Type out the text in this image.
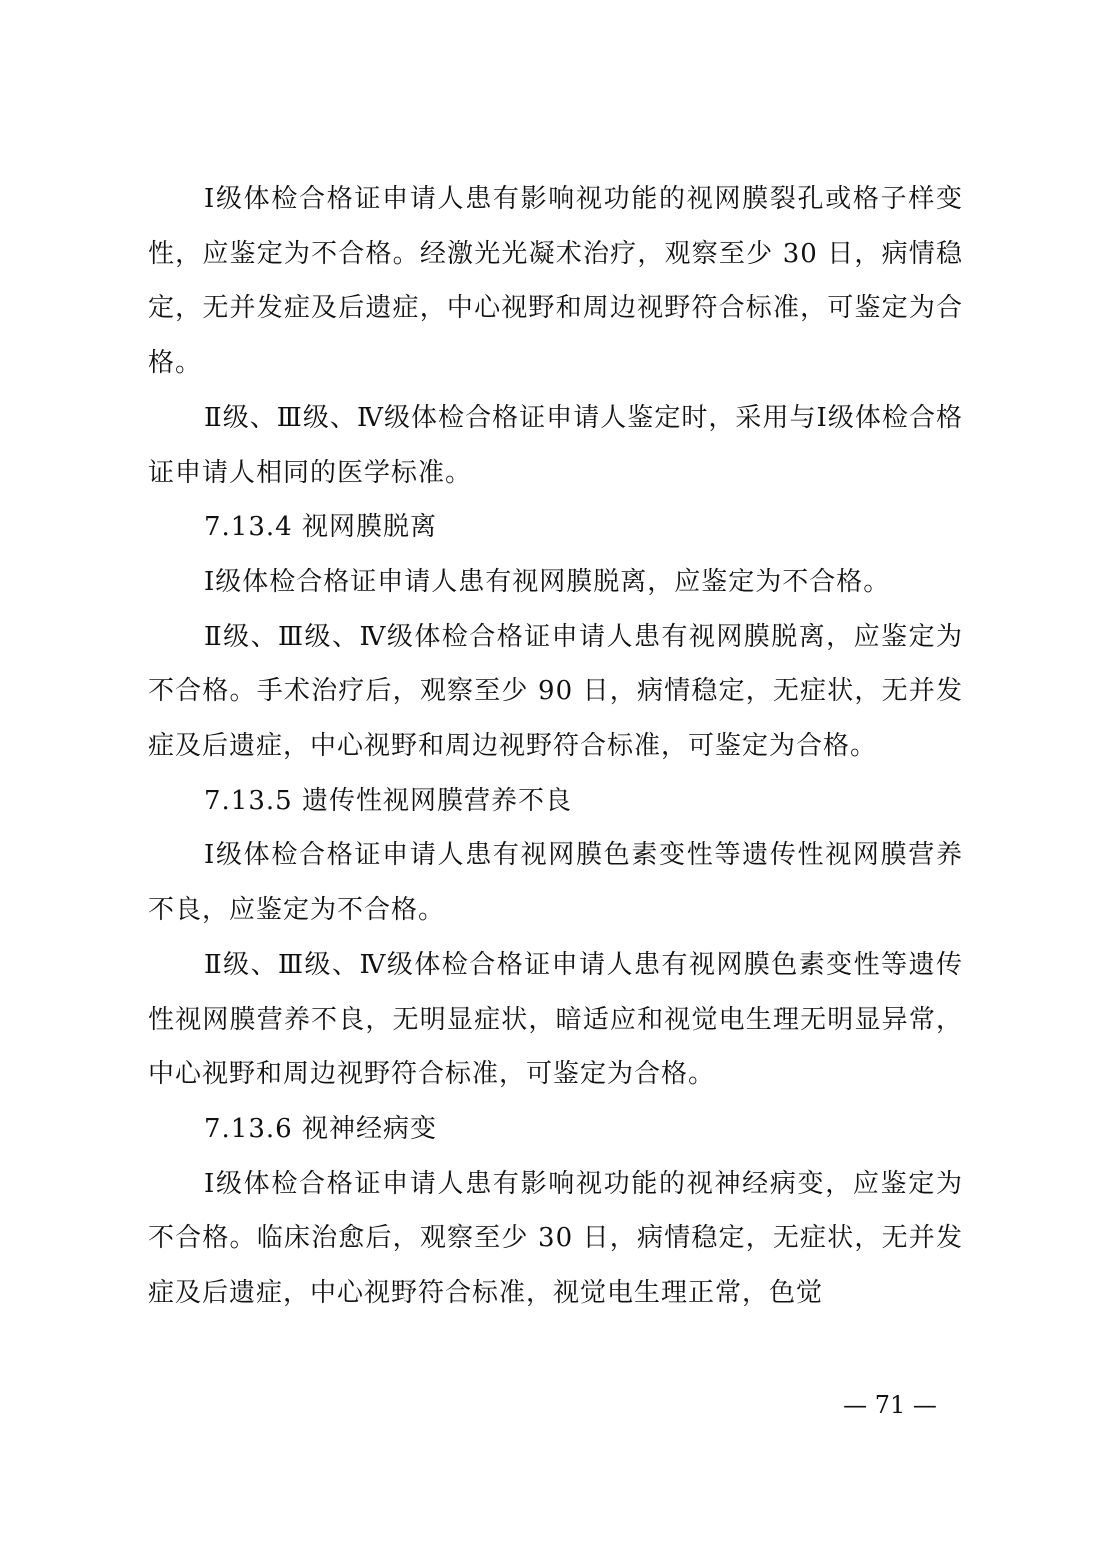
Ⅰ级体检合格证申请人患有影响视功能的视网膜裂孔或格子样变性，应鉴定为不合格。经激光光凝术治疗，观察至少 30 日，病情稳定，无并发症及后遗症，中心视野和周边视野符合标准，可鉴定为合格。

Ⅱ级、Ⅲ级、Ⅳ级体检合格证申请人鉴定时，采用与Ⅰ级体检合格证申请人相同的医学标准。

7.13.4 视网膜脱离

Ⅰ级体检合格证申请人患有视网膜脱离，应鉴定为不合格。

Ⅱ级、Ⅲ级、Ⅳ级体检合格证申请人患有视网膜脱离，应鉴定为不合格。手术治疗后，观察至少 90 日，病情稳定，无症状，无并发症及后遗症，中心视野和周边视野符合标准，可鉴定为合格。

7.13.5 遗传性视网膜营养不良

Ⅰ级体检合格证申请人患有视网膜色素变性等遗传性视网膜营养不良，应鉴定为不合格。

Ⅱ级、Ⅲ级、Ⅳ级体检合格证申请人患有视网膜色素变性等遗传性视网膜营养不良，无明显症状，暗适应和视觉电生理无明显异常，中心视野和周边视野符合标准，可鉴定为合格。

7.13.6 视神经病变

Ⅰ级体检合格证申请人患有影响视功能的视神经病变，应鉴定为不合格。临床治愈后，观察至少 30 日，病情稳定，无症状，无并发症及后遗症，中心视野符合标准，视觉电生理正常，色觉

— 71 —
